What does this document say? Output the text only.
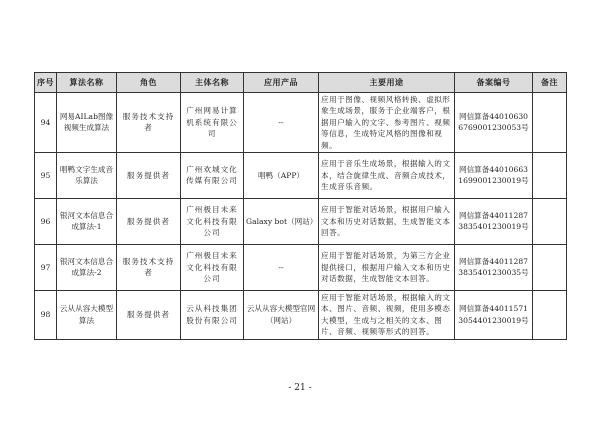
序号	算法名称	角色	主体名称	应用产品	主要用途	备案编号	备注
94	网易AILab图像视频生成算法	服务技术支持者	广州网易计算机系统有限公司	--	应用于图像、视频风格转换、虚拟形象生成场景，服务于企业端客户，根据用户输入的文字、参考图片、视频等信息，生成特定风格的图像和视频。	网信算备440106306769001230053号	
95	唱鸭文字生成音乐算法	服务提供者	广州欢城文化传媒有限公司	唱鸭（APP）	应用于音乐生成场景，根据输入的文本，结合旋律生成、音频合成技术，生成音乐音频。	网信算备440106631699001230019号	
96	银河文本信息合成算法-1	服务提供者	广州极目未来文化科技有限公司	Galaxy bot（网站）	应用于智能对话场景，根据用户输入文本和历史对话数据，生成智能文本回答。	网信算备440112873835401230019号	
97	银河文本信息合成算法-2	服务技术支持者	广州极目未来文化科技有限公司	--	应用于智能对话场景，为第三方企业提供接口，根据用户输入文本和历史对话数据，生成智能文本回答。	网信算备440112873835401230035号	
98	云从从容大模型算法	服务提供者	云从科技集团股份有限公司	云从从容大模型官网（网站）	应用于智能对话场景，根据输入的文本、图片、音频、视频，使用多模态大模型，生成与之相关的文本、图片、音频、视频等形式的回答。	网信算备440115713054401230019号	
- 21 -
